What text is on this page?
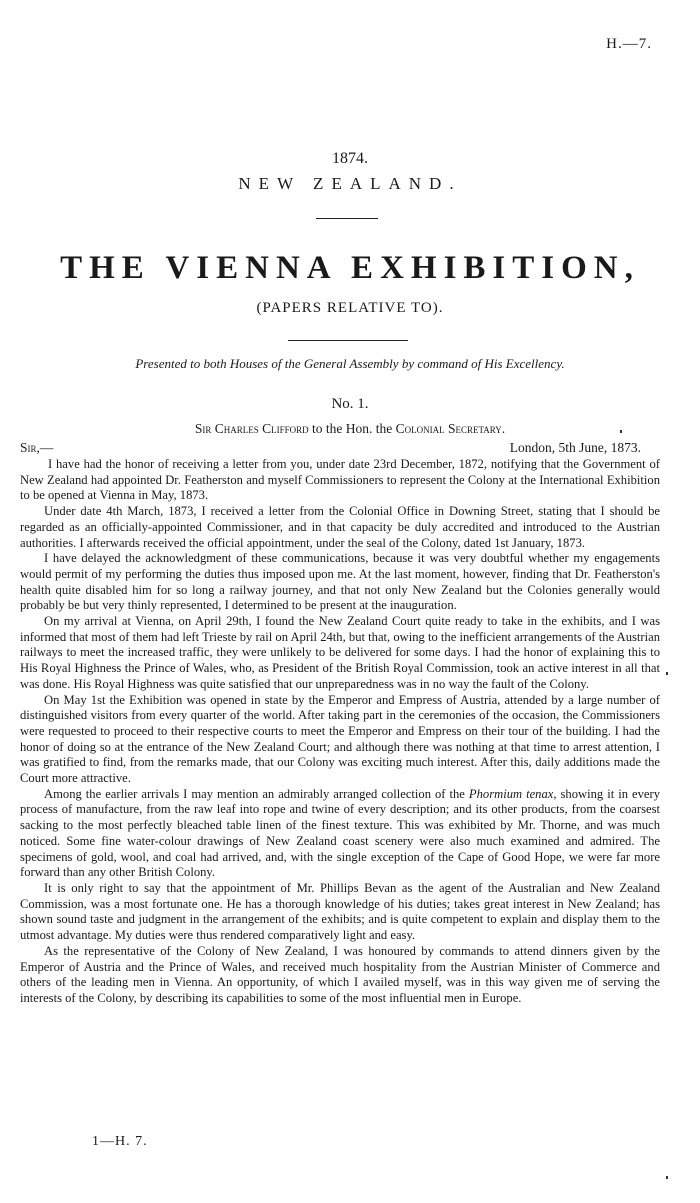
H.—7.
1874.
NEW ZEALAND.
THE VIENNA EXHIBITION,
(PAPERS RELATIVE TO).
Presented to both Houses of the General Assembly by command of His Excellency.
No. 1.
Sir Charles Clifford to the Hon. the Colonial Secretary.
Sir,—	London, 5th June, 1873.

I have had the honor of receiving a letter from you, under date 23rd December, 1872, notifying that the Government of New Zealand had appointed Dr. Featherston and myself Commissioners to represent the Colony at the International Exhibition to be opened at Vienna in May, 1873.

Under date 4th March, 1873, I received a letter from the Colonial Office in Downing Street, stating that I should be regarded as an officially-appointed Commissioner, and in that capacity be duly accredited and introduced to the Austrian authorities. I afterwards received the official appointment, under the seal of the Colony, dated 1st January, 1873.

I have delayed the acknowledgment of these communications, because it was very doubtful whether my engagements would permit of my performing the duties thus imposed upon me. At the last moment, however, finding that Dr. Featherston's health quite disabled him for so long a railway journey, and that not only New Zealand but the Colonies generally would probably be but very thinly represented, I determined to be present at the inauguration.

On my arrival at Vienna, on April 29th, I found the New Zealand Court quite ready to take in the exhibits, and I was informed that most of them had left Trieste by rail on April 24th, but that, owing to the inefficient arrangements of the Austrian railways to meet the increased traffic, they were unlikely to be delivered for some days. I had the honor of explaining this to His Royal Highness the Prince of Wales, who, as President of the British Royal Commission, took an active interest in all that was done. His Royal Highness was quite satisfied that our unpreparedness was in no way the fault of the Colony.

On May 1st the Exhibition was opened in state by the Emperor and Empress of Austria, attended by a large number of distinguished visitors from every quarter of the world. After taking part in the ceremonies of the occasion, the Commissioners were requested to proceed to their respective courts to meet the Emperor and Empress on their tour of the building. I had the honor of doing so at the entrance of the New Zealand Court; and although there was nothing at that time to arrest attention, I was gratified to find, from the remarks made, that our Colony was exciting much interest. After this, daily additions made the Court more attractive.

Among the earlier arrivals I may mention an admirably arranged collection of the Phormium tenax, showing it in every process of manufacture, from the raw leaf into rope and twine of every description; and its other products, from the coarsest sacking to the most perfectly bleached table linen of the finest texture. This was exhibited by Mr. Thorne, and was much noticed. Some fine water-colour drawings of New Zealand coast scenery were also much examined and admired. The specimens of gold, wool, and coal had arrived, and, with the single exception of the Cape of Good Hope, we were far more forward than any other British Colony.

It is only right to say that the appointment of Mr. Phillips Bevan as the agent of the Australian and New Zealand Commission, was a most fortunate one. He has a thorough knowledge of his duties; takes great interest in New Zealand; has shown sound taste and judgment in the arrangement of the exhibits; and is quite competent to explain and display them to the utmost advantage. My duties were thus rendered comparatively light and easy.

As the representative of the Colony of New Zealand, I was honoured by commands to attend dinners given by the Emperor of Austria and the Prince of Wales, and received much hospitality from the Austrian Minister of Commerce and others of the leading men in Vienna. An opportunity, of which I availed myself, was in this way given me of serving the interests of the Colony, by describing its capabilities to some of the most influential men in Europe.

1—H. 7.
